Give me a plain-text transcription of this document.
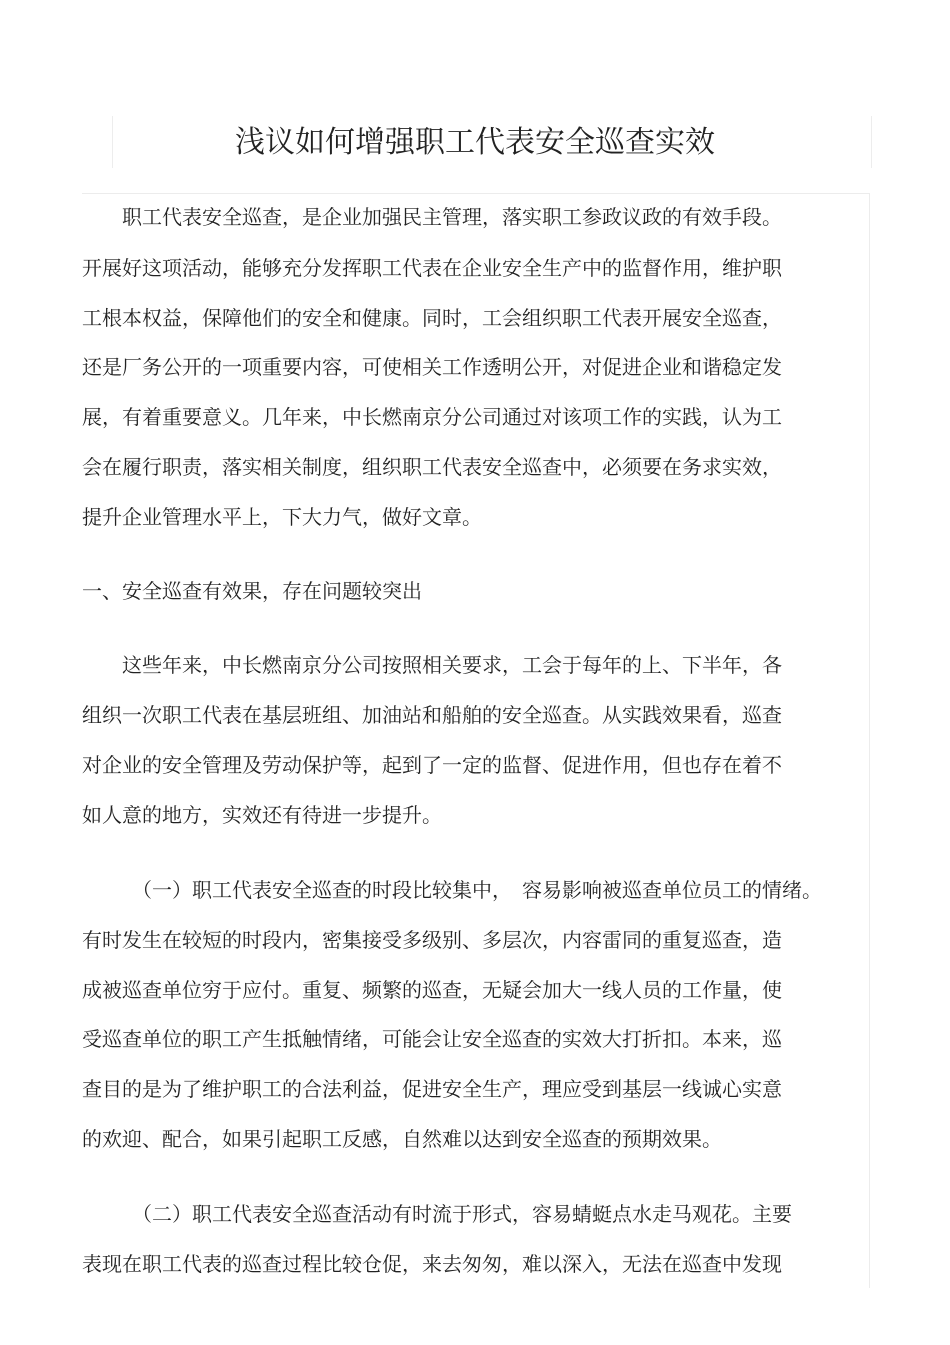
浅议如何增强职工代表安全巡查实效

职工代表安全巡查，是企业加强民主管理，落实职工参政议政的有效手段。

开展好这项活动，能够充分发挥职工代表在企业安全生产中的监督作用，维护职

工根本权益，保障他们的安全和健康。同时，工会组织职工代表开展安全巡查，

还是厂务公开的一项重要内容，可使相关工作透明公开，对促进企业和谐稳定发

展，有着重要意义。几年来，中长燃南京分公司通过对该项工作的实践，认为工

会在履行职责，落实相关制度，组织职工代表安全巡查中，必须要在务求实效，

提升企业管理水平上，下大力气，做好文章。

一、安全巡查有效果，存在问题较突出

这些年来，中长燃南京分公司按照相关要求，工会于每年的上、下半年，各

组织一次职工代表在基层班组、加油站和船舶的安全巡查。从实践效果看，巡查

对企业的安全管理及劳动保护等，起到了一定的监督、促进作用，但也存在着不

如人意的地方，实效还有待进一步提升。

（一）职工代表安全巡查的时段比较集中，　容易影响被巡查单位员工的情绪。

有时发生在较短的时段内，密集接受多级别、多层次，内容雷同的重复巡查，造

成被巡查单位穷于应付。重复、频繁的巡查，无疑会加大一线人员的工作量，使

受巡查单位的职工产生抵触情绪，可能会让安全巡查的实效大打折扣。本来，巡

查目的是为了维护职工的合法利益，促进安全生产，理应受到基层一线诚心实意

的欢迎、配合，如果引起职工反感，自然难以达到安全巡查的预期效果。

（二）职工代表安全巡查活动有时流于形式，容易蜻蜓点水走马观花。主要

表现在职工代表的巡查过程比较仓促，来去匆匆，难以深入，无法在巡查中发现
